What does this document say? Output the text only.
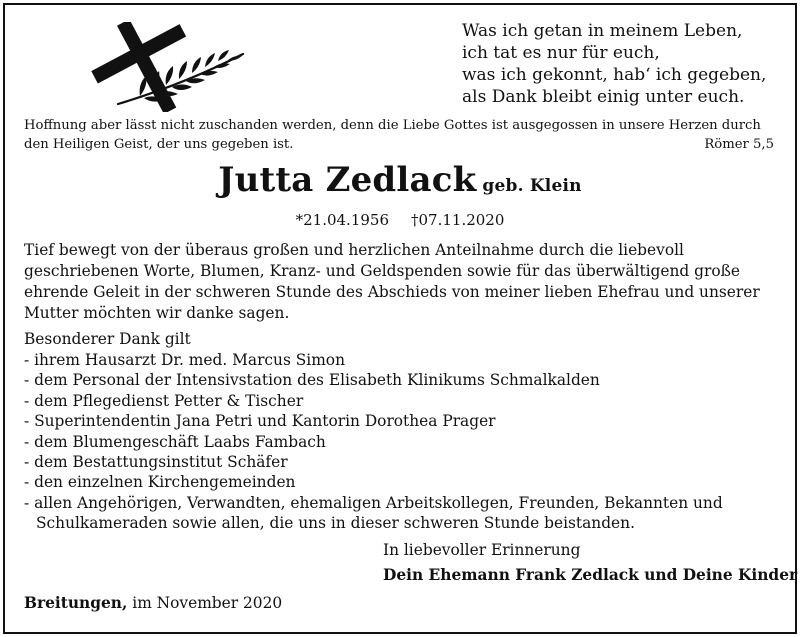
Was ich getan in meinem Leben,
ich tat es nur für euch,
was ich gekonnt, hab‘ ich gegeben,
als Dank bleibt einig unter euch.
Hoffnung aber lässt nicht zuschanden werden, denn die Liebe Gottes ist ausgegossen in unsere Herzen durch
den Heiligen Geist, der uns gegeben ist.	Römer 5,5
Jutta Zedlack geb. Klein
*21.04.1956 †07.11.2020
Tief bewegt von der überaus großen und herzlichen Anteilnahme durch die liebevoll geschriebenen Worte, Blumen, Kranz- und Geldspenden sowie für das überwältigend große ehrende Geleit in der schweren Stunde des Abschieds von meiner lieben Ehefrau und unserer Mutter möchten wir danke sagen.
Besonderer Dank gilt
- ihrem Hausarzt Dr. med. Marcus Simon
- dem Personal der Intensivstation des Elisabeth Klinikums Schmalkalden
- dem Pflegedienst Petter & Tischer
- Superintendentin Jana Petri und Kantorin Dorothea Prager
- dem Blumengeschäft Laabs Fambach
- dem Bestattungsinstitut Schäfer
- den einzelnen Kirchengemeinden
- allen Angehörigen, Verwandten, ehemaligen Arbeitskollegen, Freunden, Bekannten und
Schulkameraden sowie allen, die uns in dieser schweren Stunde beistanden.
In liebevoller Erinnerung
Dein Ehemann Frank Zedlack und Deine Kinder
Breitungen, im November 2020
